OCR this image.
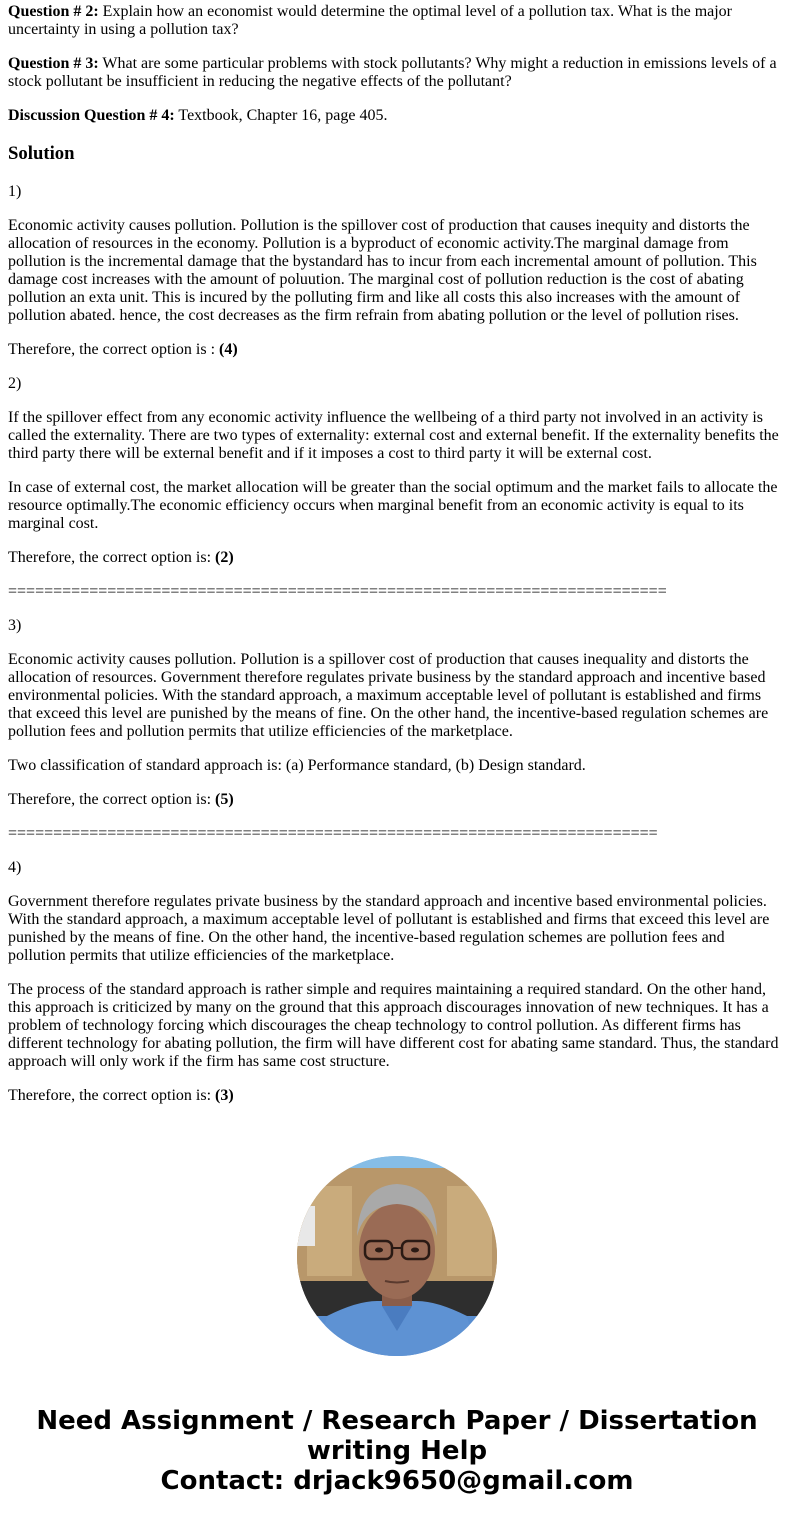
Question # 2: Explain how an economist would determine the optimal level of a pollution tax. What is the major uncertainty in using a pollution tax?

Question # 3: What are some particular problems with stock pollutants? Why might a reduction in emissions levels of a stock pollutant be insufficient in reducing the negative effects of the pollutant?

Discussion Question # 4: Textbook, Chapter 16, page 405.

Solution

1)

Economic activity causes pollution. Pollution is the spillover cost of production that causes inequity and distorts the allocation of resources in the economy. Pollution is a byproduct of economic activity.The marginal damage from pollution is the incremental damage that the bystandard has to incur from each incremental amount of pollution. This damage cost increases with the amount of poluution. The marginal cost of pollution reduction is the cost of abating pollution an exta unit. This is incured by the polluting firm and like all costs this also increases with the amount of pollution abated. hence, the cost decreases as the firm refrain from abating pollution or the level of pollution rises.

Therefore, the correct option is : (4)

2)

If the spillover effect from any economic activity influence the wellbeing of a third party not involved in an activity is called the externality. There are two types of externality: external cost and external benefit. If the externality benefits the third party there will be external benefit and if it imposes a cost to third party it will be external cost.

In case of external cost, the market allocation will be greater than the social optimum and the market fails to allocate the resource optimally.The economic efficiency occurs when marginal benefit from an economic activity is equal to its marginal cost.

Therefore, the correct option is: (2)

=========================================================================

3)

Economic activity causes pollution. Pollution is a spillover cost of production that causes inequality and distorts the allocation of resources. Government therefore regulates private business by the standard approach and incentive based environmental policies. With the standard approach, a maximum acceptable level of pollutant is established and firms that exceed this level are punished by the means of fine. On the other hand, the incentive-based regulation schemes are pollution fees and pollution permits that utilize efficiencies of the marketplace.

Two classification of standard approach is: (a) Performance standard, (b) Design standard.

Therefore, the correct option is: (5)

========================================================================

4)

Government therefore regulates private business by the standard approach and incentive based environmental policies. With the standard approach, a maximum acceptable level of pollutant is established and firms that exceed this level are punished by the means of fine. On the other hand, the incentive-based regulation schemes are pollution fees and pollution permits that utilize efficiencies of the marketplace.

The process of the standard approach is rather simple and requires maintaining a required standard. On the other hand, this approach is criticized by many on the ground that this approach discourages innovation of new techniques. It has a problem of technology forcing which discourages the cheap technology to control pollution. As different firms has different technology for abating pollution, the firm will have different cost for abating same standard. Thus, the standard approach will only work if the firm has same cost structure.

Therefore, the correct option is: (3)

Need Assignment / Research Paper / Dissertation
writing Help
Contact: drjack9650@gmail.com
